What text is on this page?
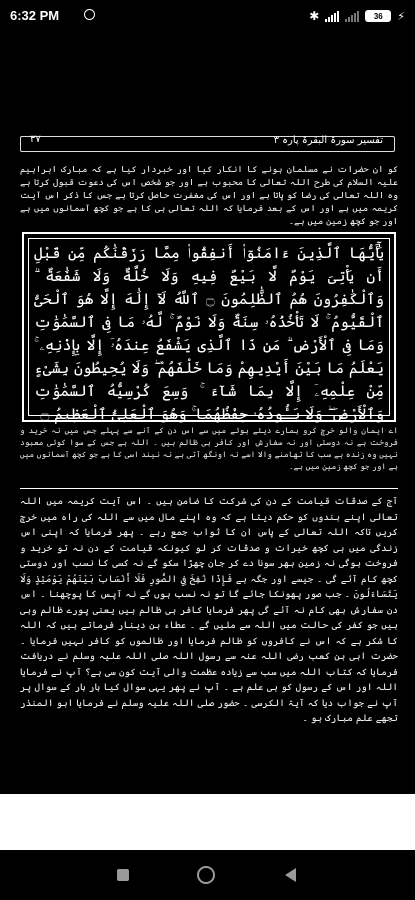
6:32 PM	✱	36 ⚡
۳۷	تفسیر سورۃ البقرۃ پارہ ۳
کو ان حضرات نے مسلمان ہونے کا انکار کیا اور خبردار کیا ہے کہ مبارک ابراہیم علیہ السلام کی طرح اللہ تعالی کا محبوب ہے اور جو شخص اس کی دعوت قبول کرتا ہے وہ اللہ تعالی کی رضا کو پاتا ہے اور اس کی مغفرت حاصل کرتا ہے جس کا ذکر اس آیت کریمہ میں ہے اور اس کے بعد فرمایا کہ اللہ تعالی ہی کا ہے جو کچھ آسمانوں میں ہے اور جو کچھ زمین میں ہے۔
يَٰٓأَيُّهَا ٱلَّذِينَ ءَامَنُوٓا۟ أَنفِقُوا۟ مِمَّا رَزَقْنَٰكُم مِّن قَبْلِ أَن يَأْتِىَ يَوْمٌ لَّا بَيْعٌ فِيهِ وَلَا خُلَّةٌ وَلَا شَفَٰعَةٌ ۗ وَٱلْكَٰفِرُونَ هُمُ ٱلظَّٰلِمُونَ ۝ ٱللَّهُ لَآ إِلَٰهَ إِلَّا هُوَ ٱلْحَىُّ ٱلْقَيُّومُ ۚ لَا تَأْخُذُهُۥ سِنَةٌ وَلَا نَوْمٌ ۚ لَّهُۥ مَا فِى ٱلسَّمَٰوَٰتِ وَمَا فِى ٱلْأَرْضِ ۗ مَن ذَا ٱلَّذِى يَشْفَعُ عِندَهُۥٓ إِلَّا بِإِذْنِهِۦ ۚ يَعْلَمُ مَا بَيْنَ أَيْدِيهِمْ وَمَا خَلْفَهُمْ ۖ وَلَا يُحِيطُونَ بِشَىْءٍ مِّنْ عِلْمِهِۦٓ إِلَّا بِمَا شَآءَ ۚ وَسِعَ كُرْسِيُّهُ ٱلسَّمَٰوَٰتِ وَٱلْأَرْضَ ۖ وَلَا يَـُٔودُهُۥ حِفْظُهُمَا ۚ وَهُوَ ٱلْعَلِىُّ ٱلْعَظِيمُ ۝
اے ایمان والو خرچ کرو ہمارے دیئے ہوئے میں سے اس دن کے آنے سے پہلے جس میں نہ خرید و فروخت ہے نہ دوستی اور نہ سفارش اور کافر ہی ظالم ہیں ۔ اللہ ہے جس کے سوا کوئی معبود نہیں وہ زندہ ہے سب کا تھامنے والا اسے نہ اونگھ آتی ہے نہ نیند اسی کا ہے جو کچھ آسمانوں میں ہے اور جو کچھ زمین میں ہے۔
آج کے صدقات قیامت کے دن کی شرکت کا ضامن ہیں ۔ اس آیت کریمہ میں اللہ تعالی اپنے بندوں کو حکم دیتا ہے کہ وہ اپنے مال میں سے اللہ کی راہ میں خرچ کریں تاکہ اللہ تعالی کے پاس ان کا ثواب جمع رہے ۔ پھر فرمایا کہ اپنی اس زندگی میں ہی کچھ خیرات و صدقات کر لو کیونکہ قیامت کے دن نہ تو خرید و فروخت ہوگی نہ زمین بھر سونا دے کر جان چھڑا سکو گے نہ کسی کا نسب اور دوستی کچھ کام آئے گی ۔ جیسے اور جگہ ہے فَإِذَا نُفِخَ فِي الصُّورِ فَلَا أَنْسَابَ بَيْنَهُمْ يَوْمَئِذٍ وَلَا يَتَسَاءَلُونَ ۔ جب صور پھونکا جائے گا تو نہ نسب ہوں گے نہ آپس کا پوچھنا ۔ اس دن سفارش بھی کام نہ آئے گی پھر فرمایا کافر ہی ظالم ہیں یعنی پورے ظالم وہی ہیں جو کفر کی حالت میں اللہ سے ملیں گے ۔ عطاء بن دینار فرماتے ہیں کہ اللہ کا شکر ہے کہ اس نے کافروں کو ظالم فرمایا اور ظالموں کو کافر نہیں فرمایا ۔ حضرت ابی بن کعب رضی اللہ عنہ سے رسول اللہ صلی اللہ علیہ وسلم نے دریافت فرمایا کہ کتاب اللہ میں سب سے زیادہ عظمت والی آیت کون سی ہے؟ آپ نے فرمایا اللہ اور اس کے رسول کو ہی علم ہے ۔ آپ نے پھر یہی سوال کیا بار بار کے سوال پر آپ نے جواب دیا کہ آیۃ الکرسی ۔ حضور صلی اللہ علیہ وسلم نے فرمایا ابو المنذر تجھے علم مبارک ہو ۔
